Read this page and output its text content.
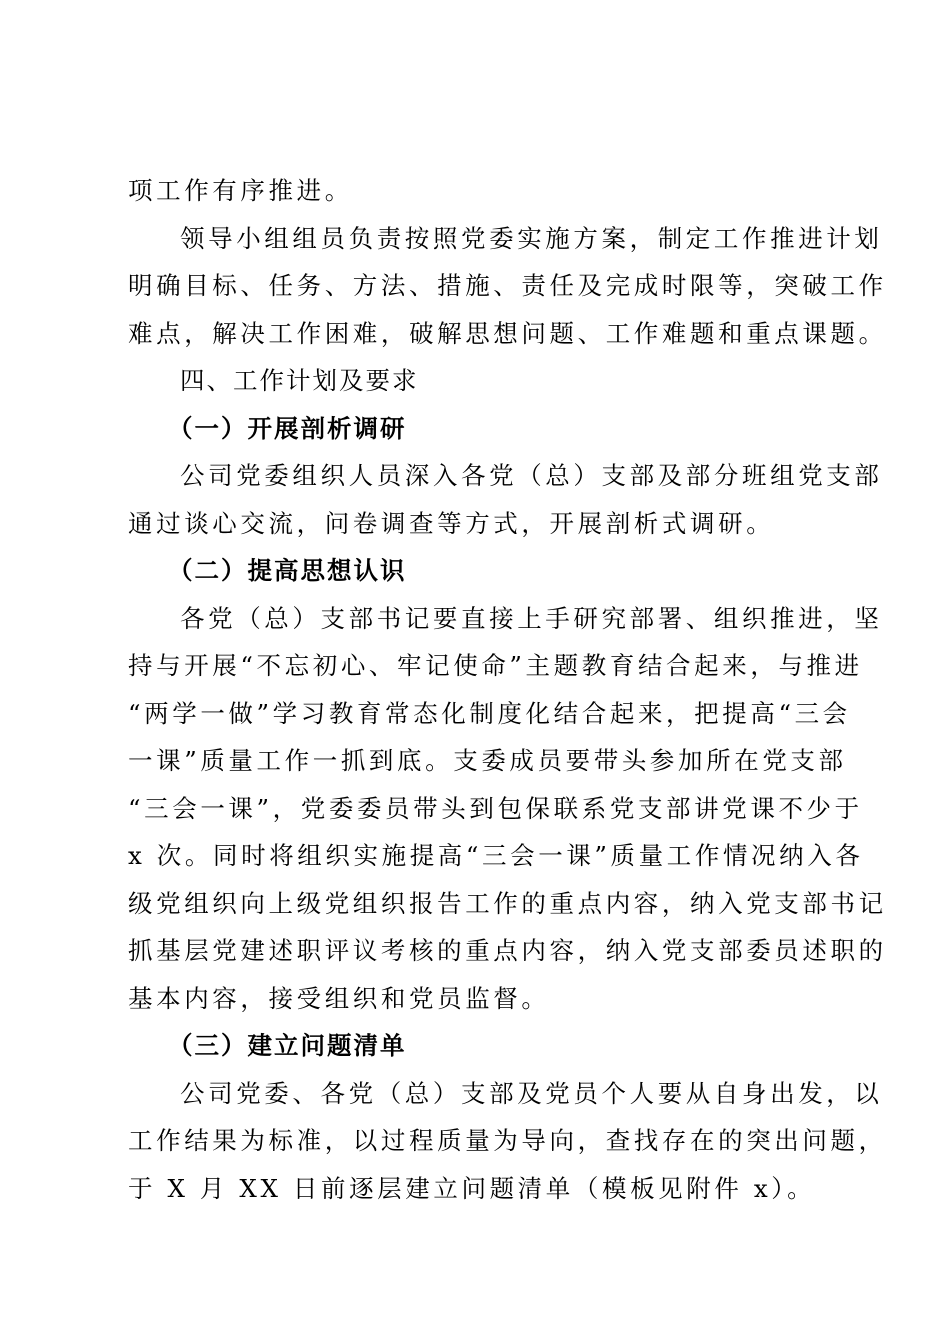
项工作有序推进。
领导小组组员负责按照党委实施方案，制定工作推进计划
明确目标、任务、方法、措施、责任及完成时限等，突破工作
难点，解决工作困难，破解思想问题、工作难题和重点课题。
四、工作计划及要求
（一）开展剖析调研
公司党委组织人员深入各党（总）支部及部分班组党支部
通过谈心交流，问卷调查等方式，开展剖析式调研。
（二）提高思想认识
各党（总）支部书记要直接上手研究部署、组织推进，坚
持与开展“不忘初心、牢记使命”主题教育结合起来，与推进
“两学一做”学习教育常态化制度化结合起来，把提高“三会
一课”质量工作一抓到底。支委成员要带头参加所在党支部
“三会一课”，党委委员带头到包保联系党支部讲党课不少于
x 次。同时将组织实施提高“三会一课”质量工作情况纳入各
级党组织向上级党组织报告工作的重点内容，纳入党支部书记
抓基层党建述职评议考核的重点内容，纳入党支部委员述职的
基本内容，接受组织和党员监督。
（三）建立问题清单
公司党委、各党（总）支部及党员个人要从自身出发，以
工作结果为标准，以过程质量为导向，查找存在的突出问题，
于 X 月 XX 日前逐层建立问题清单（模板见附件 x）。
